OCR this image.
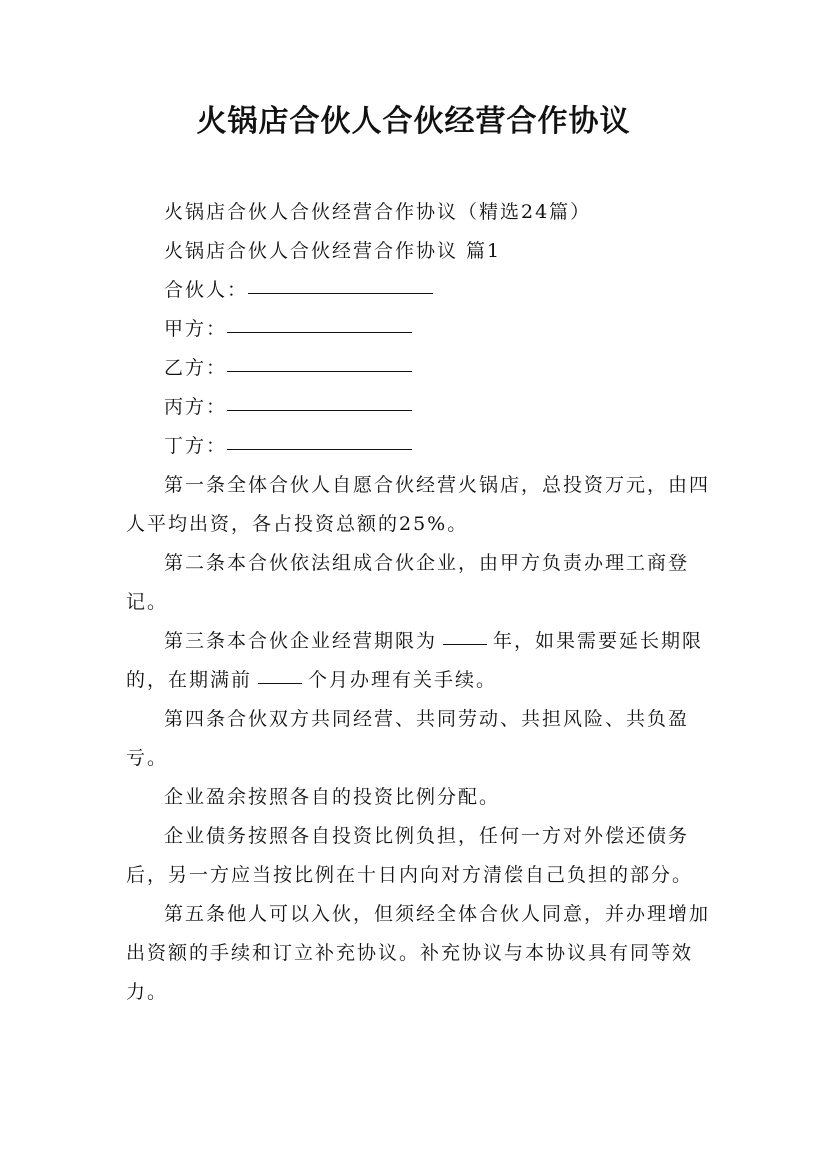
火锅店合伙人合伙经营合作协议

火锅店合伙人合伙经营合作协议（精选24篇）

火锅店合伙人合伙经营合作协议 篇1

合伙人：

甲方：

乙方：

丙方：

丁方：

第一条全体合伙人自愿合伙经营火锅店，总投资万元，由四人平均出资，各占投资总额的25%。

第二条本合伙依法组成合伙企业，由甲方负责办理工商登记。

第三条本合伙企业经营期限为	年，如果需要延长期限的，在期满前	个月办理有关手续。

第四条合伙双方共同经营、共同劳动、共担风险、共负盈亏。

企业盈余按照各自的投资比例分配。

企业债务按照各自投资比例负担，任何一方对外偿还债务后，另一方应当按比例在十日内向对方清偿自己负担的部分。

第五条他人可以入伙，但须经全体合伙人同意，并办理增加出资额的手续和订立补充协议。补充协议与本协议具有同等效力。
